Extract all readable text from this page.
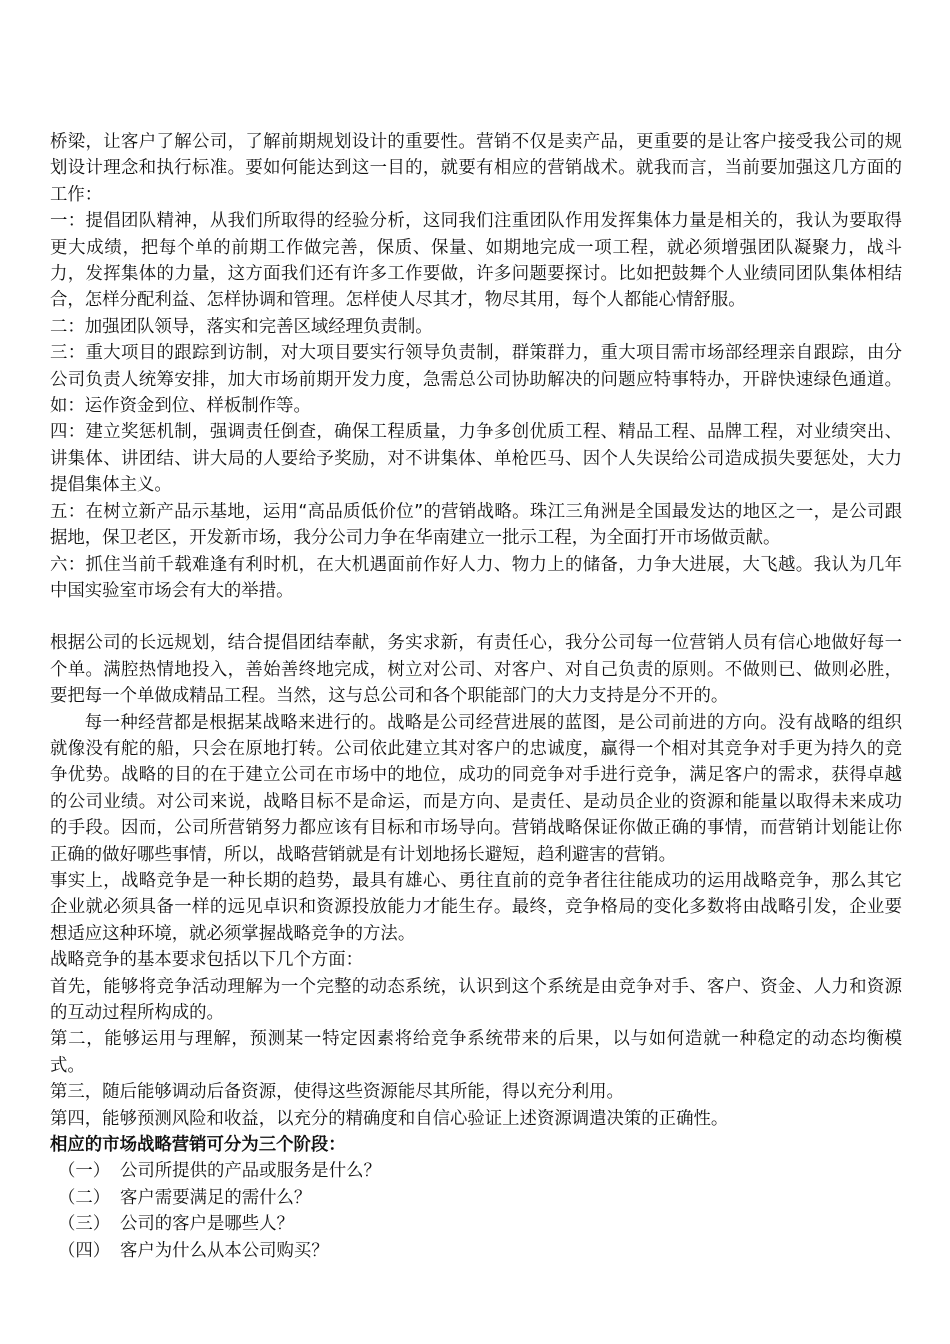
桥梁，让客户了解公司，了解前期规划设计的重要性。营销不仅是卖产品，更重要的是让客户接受我公司的规划设计理念和执行标准。要如何能达到这一目的，就要有相应的营销战术。就我而言，当前要加强这几方面的工作：

一：提倡团队精神，从我们所取得的经验分析，这同我们注重团队作用发挥集体力量是相关的，我认为要取得更大成绩，把每个单的前期工作做完善，保质、保量、如期地完成一项工程，就必须增强团队凝聚力，战斗力，发挥集体的力量，这方面我们还有许多工作要做，许多问题要探讨。比如把鼓舞个人业绩同团队集体相结合，怎样分配利益、怎样协调和管理。怎样使人尽其才，物尽其用，每个人都能心情舒服。

二：加强团队领导，落实和完善区域经理负责制。

三：重大项目的跟踪到访制，对大项目要实行领导负责制，群策群力，重大项目需市场部经理亲自跟踪，由分公司负责人统筹安排，加大市场前期开发力度，急需总公司协助解决的问题应特事特办，开辟快速绿色通道。如：运作资金到位、样板制作等。

四：建立奖惩机制，强调责任倒查，确保工程质量，力争多创优质工程、精品工程、品牌工程，对业绩突出、讲集体、讲团结、讲大局的人要给予奖励，对不讲集体、单枪匹马、因个人失误给公司造成损失要惩处，大力提倡集体主义。

五：在树立新产品示基地，运用“高品质低价位”的营销战略。珠江三角洲是全国最发达的地区之一，是公司跟据地，保卫老区，开发新市场，我分公司力争在华南建立一批示工程，为全面打开市场做贡献。

六：抓住当前千载难逢有利时机，在大机遇面前作好人力、物力上的储备，力争大进展，大飞越。我认为几年中国实验室市场会有大的举措。

根据公司的长远规划，结合提倡团结奉献，务实求新，有责任心，我分公司每一位营销人员有信心地做好每一个单。满腔热情地投入，善始善终地完成，树立对公司、对客户、对自己负责的原则。不做则已、做则必胜，要把每一个单做成精品工程。当然，这与总公司和各个职能部门的大力支持是分不开的。

每一种经营都是根据某战略来进行的。战略是公司经营进展的蓝图，是公司前进的方向。没有战略的组织就像没有舵的船，只会在原地打转。公司依此建立其对客户的忠诚度，赢得一个相对其竞争对手更为持久的竞争优势。战略的目的在于建立公司在市场中的地位，成功的同竞争对手进行竞争，满足客户的需求，获得卓越的公司业绩。对公司来说，战略目标不是命运，而是方向、是责任、是动员企业的资源和能量以取得未来成功的手段。因而，公司所营销努力都应该有目标和市场导向。营销战略保证你做正确的事情，而营销计划能让你正确的做好哪些事情，所以，战略营销就是有计划地扬长避短，趋利避害的营销。

事实上，战略竞争是一种长期的趋势，最具有雄心、勇往直前的竞争者往往能成功的运用战略竞争，那么其它企业就必须具备一样的远见卓识和资源投放能力才能生存。最终，竞争格局的变化多数将由战略引发，企业要想适应这种环境，就必须掌握战略竞争的方法。

战略竞争的基本要求包括以下几个方面：

首先，能够将竞争活动理解为一个完整的动态系统，认识到这个系统是由竞争对手、客户、资金、人力和资源的互动过程所构成的。

第二，能够运用与理解，预测某一特定因素将给竞争系统带来的后果，以与如何造就一种稳定的动态均衡模式。

第三，随后能够调动后备资源，使得这些资源能尽其所能，得以充分利用。

第四，能够预测风险和收益，以充分的精确度和自信心验证上述资源调遣决策的正确性。

相应的市场战略营销可分为三个阶段：

（一） 公司所提供的产品或服务是什么？
（二） 客户需要满足的需什么？
（三） 公司的客户是哪些人？
（四） 客户为什么从本公司购买？
